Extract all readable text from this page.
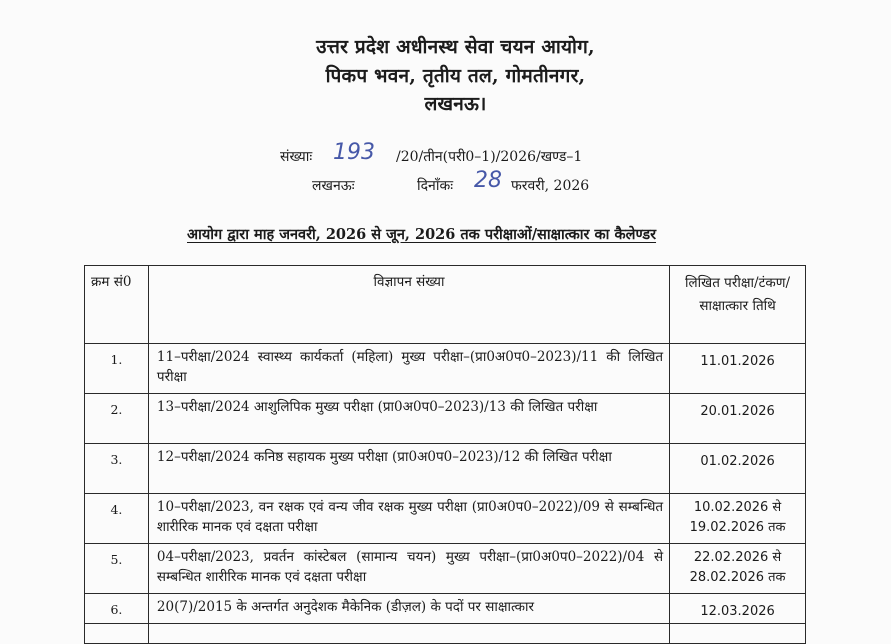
उत्तर प्रदेश अधीनस्थ सेवा चयन आयोग,
पिकप भवन, तृतीय तल, गोमतीनगर,
लखनऊ।
संख्याः 193 /20/तीन(परी0–1)/2026/खण्ड–1
लखनऊः	दिनाँकः 28 फरवरी, 2026
आयोग द्वारा माह जनवरी, 2026 से जून, 2026 तक परीक्षाओं/साक्षात्कार का कैलेण्डर
क्रम सं0	विज्ञापन संख्या	लिखित परीक्षा/टंकण/ साक्षात्कार तिथि
1.	11–परीक्षा/2024 स्वास्थ्य कार्यकर्ता (महिला) मुख्य परीक्षा–(प्रा0अ0प0–2023)/11 की लिखित परीक्षा	11.01.2026
2.	13–परीक्षा/2024 आशुलिपिक मुख्य परीक्षा (प्रा0अ0प0–2023)/13 की लिखित परीक्षा	20.01.2026
3.	12–परीक्षा/2024 कनिष्ठ सहायक मुख्य परीक्षा (प्रा0अ0प0–2023)/12 की लिखित परीक्षा	01.02.2026
4.	10–परीक्षा/2023, वन रक्षक एवं वन्य जीव रक्षक मुख्य परीक्षा (प्रा0अ0प0–2022)/09 से सम्बन्धित शारीरिक मानक एवं दक्षता परीक्षा	10.02.2026 से 19.02.2026 तक
5.	04–परीक्षा/2023, प्रवर्तन कांस्टेबल (सामान्य चयन) मुख्य परीक्षा–(प्रा0अ0प0–2022)/04 से सम्बन्धित शारीरिक मानक एवं दक्षता परीक्षा	22.02.2026 से 28.02.2026 तक
6.	20(7)/2015 के अन्तर्गत अनुदेशक मैकेनिक (डीज़ल) के पदों पर साक्षात्कार	12.03.2026
